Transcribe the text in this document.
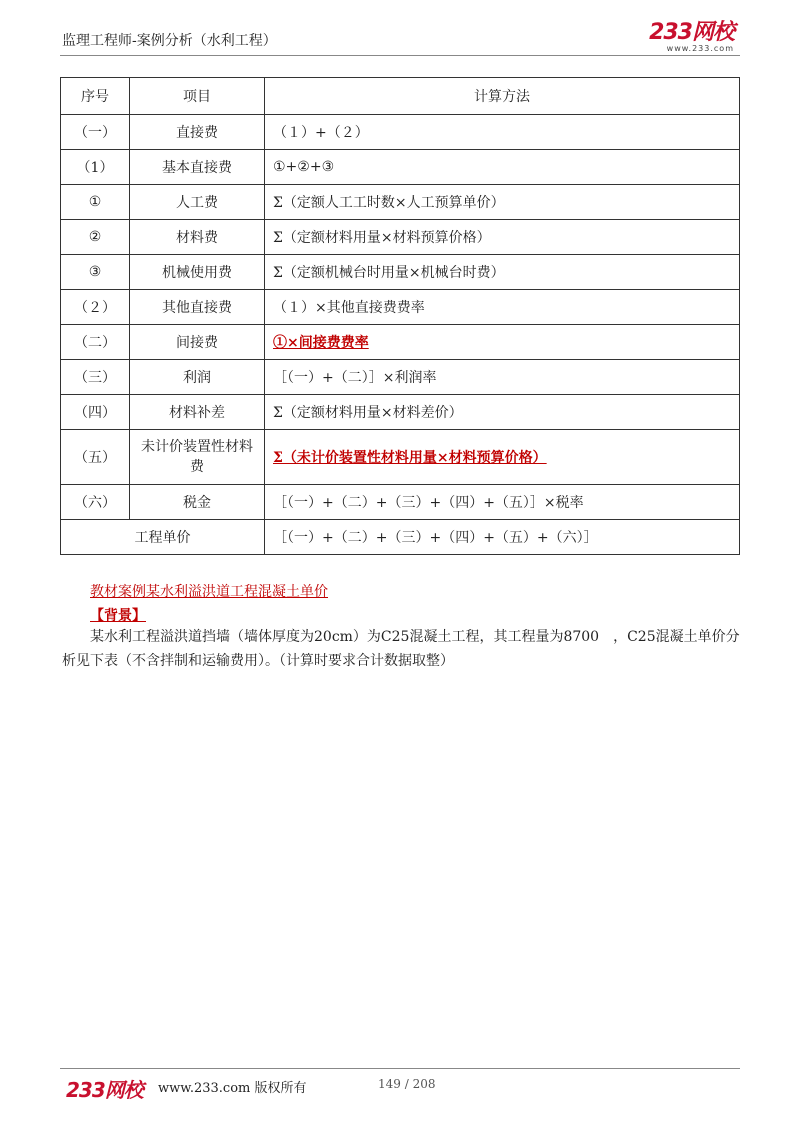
监理工程师-案例分析（水利工程）	233网校
www.233.com
序号	项目	计算方法
（一）	直接费	（１）+（２）
（1）	基本直接费	①+②+③
①	人工费	Σ（定额人工工时数×人工预算单价）
②	材料费	Σ（定额材料用量×材料预算价格）
③	机械使用费	Σ（定额机械台时用量×机械台时费）
（２）	其他直接费	（１）×其他直接费费率
（二）	间接费	①×间接费费率
（三）	利润	［（一）+（二）］×利润率
（四）	材料补差	Σ（定额材料用量×材料差价）
（五）	未计价装置性材料费	Σ（未计价装置性材料用量×材料预算价格）
（六）	税金	［（一）+（二）+（三）+（四）+（五）］×税率
工程单价		［（一）+（二）+（三）+（四）+（五）+（六）］
教材案例某水利溢洪道工程混凝土单价
【背景】
某水利工程溢洪道挡墙（墙体厚度为20cm）为C25混凝土工程，其工程量为8700　，C25混凝土单价分析见下表（不含拌制和运输费用）。（计算时要求合计数据取整）
233网校 www.233.com 版权所有	149 / 208
